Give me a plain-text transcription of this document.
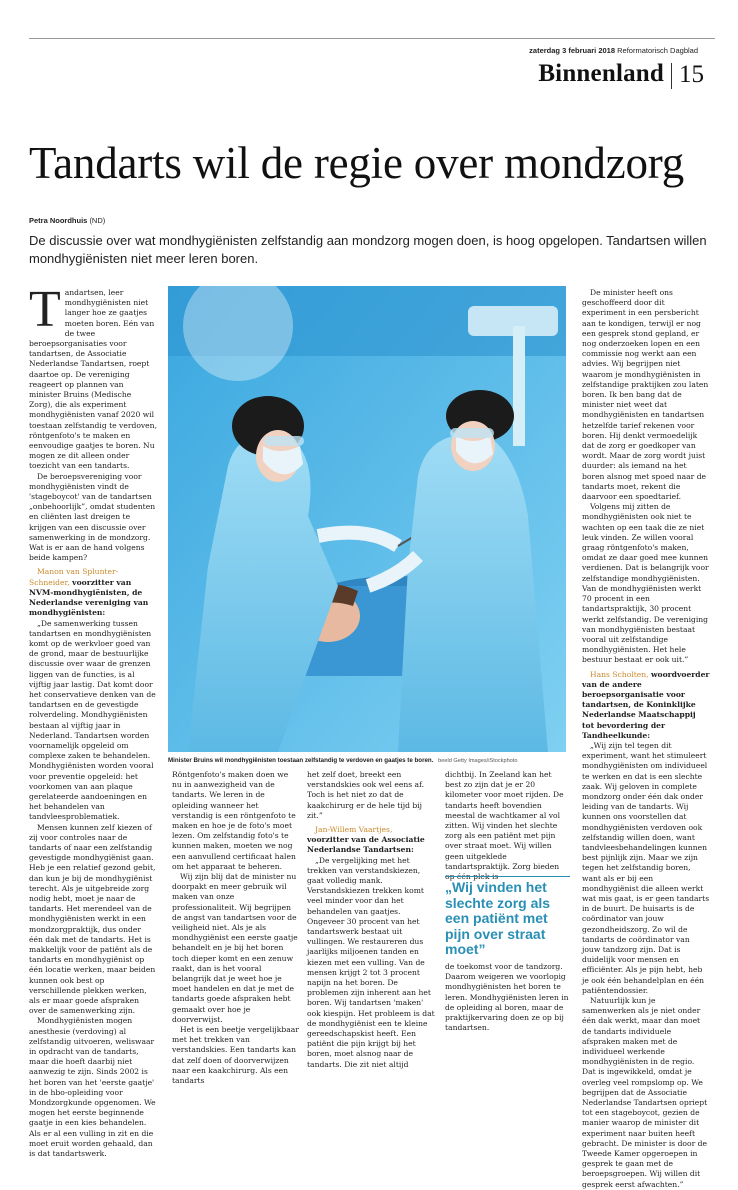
zaterdag 3 februari 2018 Reformatorisch Dagblad
Binnenland 15
Tandarts wil de regie over mondzorg
Petra Noordhuis (ND)
De discussie over wat mondhygiënisten zelfstandig aan mondzorg mogen doen, is hoog opgelopen. Tandartsen willen mondhygiënisten niet meer leren boren.

Tandartsen, leer mondhygiënisten niet langer hoe ze gaatjes moeten boren. Eén van de twee beroepsorganisaties voor tandartsen, de Associatie Nederlandse Tandartsen, roept daartoe op. De vereniging reageert op plannen van minister Bruins (Medische Zorg), die als experiment mondhygiënisten vanaf 2020 wil toestaan zelfstandig te verdoven, röntgenfoto's te maken en eenvoudige gaatjes te boren. Nu mogen ze dit alleen onder toezicht van een tandarts.

De beroepsvereniging voor mondhygiënisten vindt de 'stageboycot' van de tandartsen „onbehoorlijk”, omdat studenten en cliënten last dreigen te krijgen van een discussie over samenwerking in de mondzorg. Wat is er aan de hand volgens beide kampen?

Manon van Splunter-Schneider, voorzitter van NVM-mondhygiënisten, de Nederlandse vereniging van mondhygiënisten:

„De samenwerking tussen tandartsen en mondhygiënisten komt op de werkvloer goed van de grond, maar de bestuurlijke discussie over waar de grenzen liggen van de functies, is al vijftig jaar lastig. Dat komt door het conservatieve denken van de tandartsen en de gevestigde rolverdeling. Mondhygiënisten bestaan al vijftig jaar in Nederland. Tandartsen worden voornamelijk opgeleid om complexe zaken te behandelen. Mondhygiënisten worden vooral voor preventie opgeleid: het voorkomen van aan plaque gerelateerde aandoeningen en het behandelen van tandvleesproblematiek.

Mensen kunnen zelf kiezen of zij voor controles naar de tandarts of naar een zelfstandig gevestigde mondhygiënist gaan. Heb je een relatief gezond gebit, dan kun je bij de mondhygiënist terecht. Als je uitgebreide zorg nodig hebt, moet je naar de tandarts. Het merendeel van de mondhygiënisten werkt in een mondzorgpraktijk, dus onder één dak met de tandarts. Het is makkelijk voor de patiënt als de tandarts en mondhygiënist op één locatie werken, maar beiden kunnen ook best op verschillende plekken werken, als er maar goede afspraken over de samenwerking zijn.

Mondhygiënisten mogen anesthesie (verdoving) al zelfstandig uitvoeren, weliswaar in opdracht van de tandarts, maar die hoeft daarbij niet aanwezig te zijn. Sinds 2002 is het boren van het 'eerste gaatje' in de hbo-opleiding voor Mondzorgkunde opgenomen. We mogen het eerste beginnende gaatje in een kies behandelen. Als er al een vulling in zit en die moet eruit worden gehaald, dan is dat tandartswerk.

Minister Bruins wil mondhygiënisten toestaan zelfstandig te verdoven en gaatjes te boren. beeld Getty Images/iStockphoto

Röntgenfoto's maken doen we nu in aanwezigheid van de tandarts. We leren in de opleiding wanneer het verstandig is een röntgenfoto te maken en hoe je de foto's moet lezen. Om zelfstandig foto's te kunnen maken, moeten we nog een aanvullend certificaat halen om het apparaat te beheren.

Wij zijn blij dat de minister nu doorpakt en meer gebruik wil maken van onze professionaliteit. Wij begrijpen de angst van tandartsen voor de veiligheid niet. Als je als mondhygiënist een eerste gaatje behandelt en je bij het boren toch dieper komt en een zenuw raakt, dan is het vooral belangrijk dat je weet hoe je moet handelen en dat je met de tandarts goede afspraken hebt gemaakt over hoe je doorverwijst.

Het is een beetje vergelijkbaar met het trekken van verstandskies. Een tandarts kan dat zelf doen of doorverwijzen naar een kaakchirurg. Als een tandarts

het zelf doet, breekt een verstandskies ook wel eens af. Toch is het niet zo dat de kaakchirurg er de hele tijd bij zit.”

Jan-Willem Vaartjes, voorzitter van de Associatie Nederlandse Tandartsen:

„De vergelijking met het trekken van verstandskiezen, gaat volledig mank. Verstandskiezen trekken komt veel minder voor dan het behandelen van gaatjes. Ongeveer 30 procent van het tandartswerk bestaat uit vullingen. We restaureren dus jaarlijks miljoenen tanden en kiezen met een vulling. Van de mensen krijgt 2 tot 3 procent napijn na het boren. De problemen zijn inherent aan het boren. Wij tandartsen 'maken' ook kiespijn. Het probleem is dat de mondhygiënist een te kleine gereedschapskist heeft. Een patiënt die pijn krijgt bij het boren, moet alsnog naar de tandarts. Die zit niet altijd

dichtbij. In Zeeland kan het best zo zijn dat je er 20 kilometer voor moet rijden. De tandarts heeft bovendien meestal de wachtkamer al vol zitten. Wij vinden het slechte zorg als een patiënt met pijn over straat moet. Wij willen geen uitgeklede tandartspraktijk. Zorg bieden

„Wij vinden het slechte zorg als een patiënt met pijn over straat moet”

de toekomst voor de tandzorg. Daarom weigeren we voorlopig mondhygiënisten het boren te leren. Mondhygiënisten leren in de opleiding al boren, maar de praktijkervaring doen ze op bij tandartsen.

De minister heeft ons geschoffeerd door dit experiment in een persbericht aan te kondigen, terwijl er nog een gesprek stond gepland, er nog onderzoeken lopen en een commissie nog werkt aan een advies. Wij begrijpen niet waarom je mondhygiënisten in zelfstandige praktijken zou laten boren. Ik ben bang dat de minister niet weet dat mondhygiënisten en tandartsen hetzelfde tarief rekenen voor boren. Hij denkt vermoedelijk dat de zorg er goedkoper van wordt. Maar de zorg wordt juist duurder: als iemand na het boren alsnog met spoed naar de tandarts moet, rekent die daarvoor een spoedtarief.

Volgens mij zitten de mondhygiënisten ook niet te wachten op een taak die ze niet leuk vinden. Ze willen vooral graag röntgenfoto's maken, omdat ze daar goed mee kunnen verdienen. Dat is belangrijk voor zelfstandige mondhygiënisten. Van de mondhygiënisten werkt 70 procent in een tandartspraktijk, 30 procent werkt zelfstandig. De vereniging van mondhygiënisten bestaat vooral uit zelfstandige mondhygiënisten. Het hele bestuur bestaat er ook uit.”

Hans Scholten, woordvoerder van de andere beroepsorganisatie voor tandartsen, de Koninklijke Nederlandse Maatschappij tot bevordering der Tandheelkunde:

„Wij zijn tel tegen dit experiment, want het stimuleert mondhygiënisten om individueel te werken en dat is een slechte zaak. Wij geloven in complete mondzorg onder één dak onder leiding van de tandarts. Wij kunnen ons voorstellen dat mondhygiënisten verdoven ook zelfstandig willen doen, want tandvleesbehandelingen kunnen best pijnlijk zijn. Maar we zijn tegen het zelfstandig boren, want als er bij een mondhygiënist die alleen werkt wat mis gaat, is er geen tandarts in de buurt. De huisarts is de coördinator van jouw gezondheidszorg. Zo wil de tandarts de coördinator van jouw tandzorg zijn. Dat is duidelijk voor mensen en efficiënter. Als je pijn hebt, heb je ook één behandelplan en één patiëntendossier.

Natuurlijk kun je samenwerken als je niet onder één dak werkt, maar dan moet de tandarts individuele afspraken maken met de individueel werkende mondhygiënisten in de regio. Dat is ingewikkeld, omdat je overleg veel rompslomp op. We begrijpen dat de Associatie Nederlandse Tandartsen opriept tot een stageboycot, gezien de manier waarop de minister dit experiment naar buiten heeft gebracht. De minister is door de Tweede Kamer opgeroepen in gesprek te gaan met de beroepsgroepen. Wij willen dit gesprek eerst afwachten.”
